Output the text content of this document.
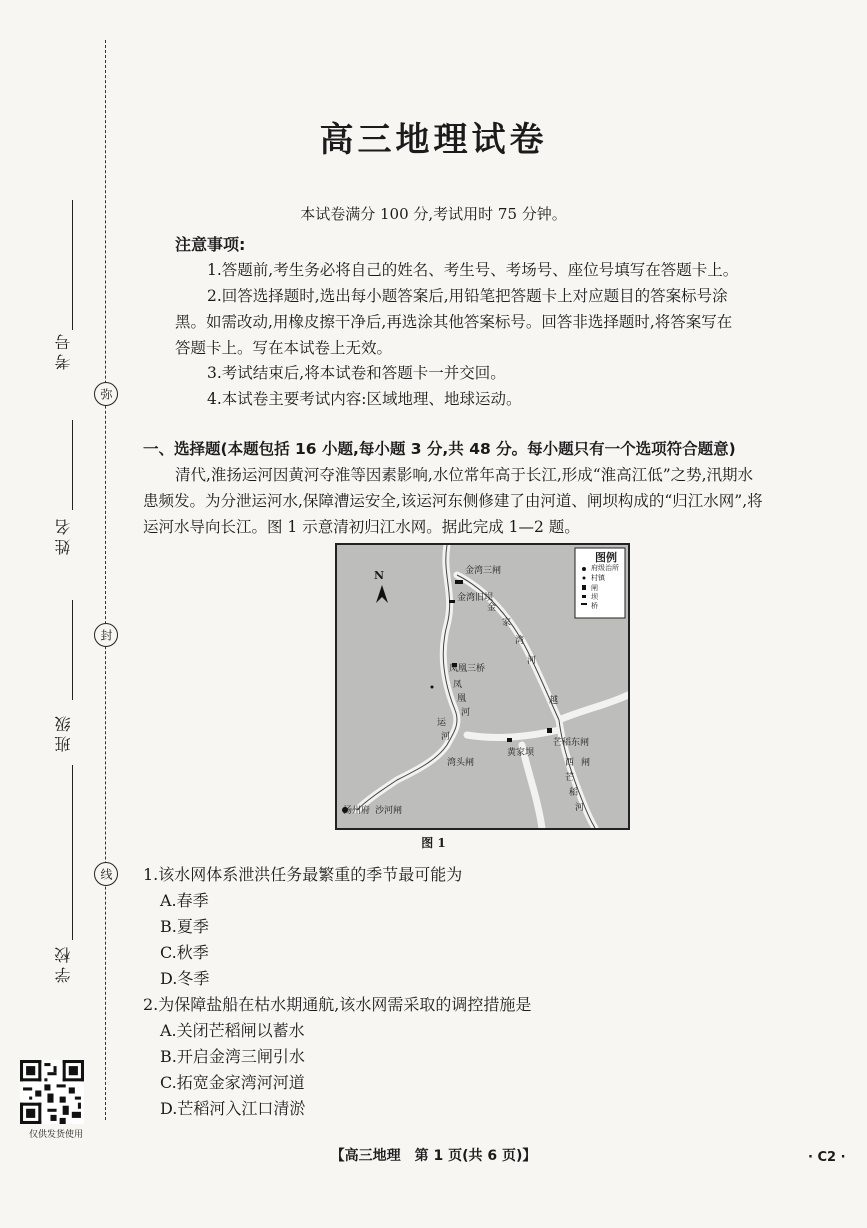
考号
弥
姓名
封
班级
线
学校
仅供发货使用
高三地理试卷
本试卷满分 100 分,考试用时 75 分钟。
注意事项:
1.答题前,考生务必将自己的姓名、考生号、考场号、座位号填写在答题卡上。
2.回答选择题时,选出每小题答案后,用铅笔把答题卡上对应题目的答案标号涂
黑。如需改动,用橡皮擦干净后,再选涂其他答案标号。回答非选择题时,将答案写在
答题卡上。写在本试卷上无效。
3.考试结束后,将本试卷和答题卡一并交回。
4.本试卷主要考试内容:区域地理、地球运动。
一、选择题(本题包括 16 小题,每小题 3 分,共 48 分。每小题只有一个选项符合题意)
清代,淮扬运河因黄河夺淮等因素影响,水位常年高于长江,形成“淮高江低”之势,汛期水
患频发。为分泄运河水,保障漕运安全,该运河东侧修建了由河道、闸坝构成的“归江水网”,将
运河水导向长江。图 1 示意清初归江水网。据此完成 1—2 题。
N
图例
府级治所
村镇
闸
坝
桥
金湾三闸
金湾旧坝
凤凰三桥
芒稻东闸
湾头闸
扬州府 沙河闸
黄家坝
芒
稻
河
金
家
湾
河
凤
凰
河
运
河
西 闸
越
图 1
1.该水网体系泄洪任务最繁重的季节最可能为
A.春季
B.夏季
C.秋季
D.冬季
2.为保障盐船在枯水期通航,该水网需采取的调控措施是
A.关闭芒稻闸以蓄水
B.开启金湾三闸引水
C.拓宽金家湾河河道
D.芒稻河入江口清淤
【高三地理　第 1 页(共 6 页)】	· C2 ·
